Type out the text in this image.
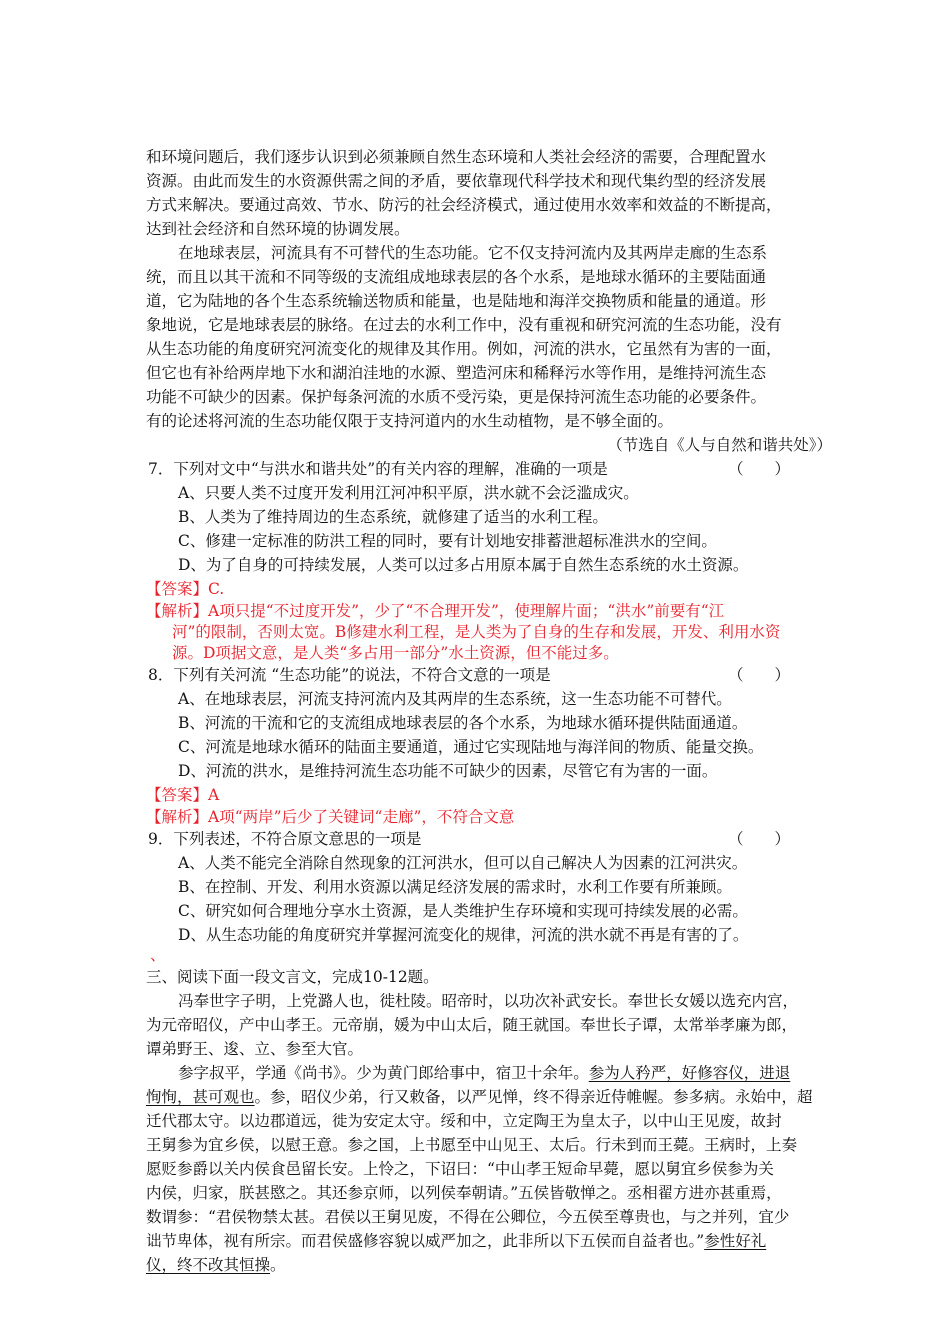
和环境问题后，我们逐步认识到必须兼顾自然生态环境和人类社会经济的需要，合理配置水
资源。由此而发生的水资源供需之间的矛盾，要依靠现代科学技术和现代集约型的经济发展
方式来解决。要通过高效、节水、防污的社会经济模式，通过使用水效率和效益的不断提高，
达到社会经济和自然环境的协调发展。
在地球表层，河流具有不可替代的生态功能。它不仅支持河流内及其两岸走廊的生态系
统，而且以其干流和不同等级的支流组成地球表层的各个水系，是地球水循环的主要陆面通
道，它为陆地的各个生态系统输送物质和能量，也是陆地和海洋交换物质和能量的通道。形
象地说，它是地球表层的脉络。在过去的水利工作中，没有重视和研究河流的生态功能，没有
从生态功能的角度研究河流变化的规律及其作用。例如，河流的洪水，它虽然有为害的一面，
但它也有补给两岸地下水和湖泊洼地的水源、塑造河床和稀释污水等作用，是维持河流生态
功能不可缺少的因素。保护每条河流的水质不受污染，更是保持河流生态功能的必要条件。
有的论述将河流的生态功能仅限于支持河道内的水生动植物，是不够全面的。
（节选自《人与自然和谐共处》）
7．下列对文中“与洪水和谐共处”的有关内容的理解，准确的一项是	（　　）
A、只要人类不过度开发利用江河冲积平原，洪水就不会泛滥成灾。
B、人类为了维持周边的生态系统，就修建了适当的水利工程。
C、修建一定标准的防洪工程的同时，要有计划地安排蓄泄超标准洪水的空间。
D、为了自身的可持续发展，人类可以过多占用原本属于自然生态系统的水土资源。
【答案】C.
【解析】A项只提“不过度开发”，少了“不合理开发”，使理解片面；“洪水”前要有“江
河”的限制，否则太宽。B修建水利工程，是人类为了自身的生存和发展，开发、利用水资
源。D项据文意，是人类“多占用一部分”水土资源，但不能过多。
8．下列有关河流 “生态功能”的说法，不符合文意的一项是	（　　）
A、在地球表层，河流支持河流内及其两岸的生态系统，这一生态功能不可替代。
B、河流的干流和它的支流组成地球表层的各个水系，为地球水循环提供陆面通道。
C、河流是地球水循环的陆面主要通道，通过它实现陆地与海洋间的物质、能量交换。
D、河流的洪水，是维持河流生态功能不可缺少的因素，尽管它有为害的一面。
【答案】A
【解析】A项“两岸”后少了关键词“走廊”，不符合文意
9．下列表述，不符合原文意思的一项是	（　　）
A、人类不能完全消除自然现象的江河洪水，但可以自己解决人为因素的江河洪灾。
B、在控制、开发、利用水资源以满足经济发展的需求时，水利工作要有所兼顾。
C、研究如何合理地分享水土资源，是人类维护生存环境和实现可持续发展的必需。
D、从生态功能的角度研究并掌握河流变化的规律，河流的洪水就不再是有害的了。
、
三、阅读下面一段文言文，完成10-12题。
冯奉世字子明，上党潞人也，徙杜陵。昭帝时，以功次补武安长。奉世长女媛以选充内宫，
为元帝昭仪，产中山孝王。元帝崩，媛为中山太后，随王就国。奉世长子谭，太常举孝廉为郎，
谭弟野王、逡、立、参至大官。
参字叔平，学通《尚书》。少为黄门郎给事中，宿卫十余年。参为人矜严，好修容仪，进退
恂恂，甚可观也。参，昭仪少弟，行又敕备，以严见惮，终不得亲近侍帷幄。参多病。永始中，超
迁代郡太守。以边郡道远，徙为安定太守。绥和中，立定陶王为皇太子，以中山王见废，故封
王舅参为宜乡侯，以慰王意。参之国，上书愿至中山见王、太后。行未到而王薨。王病时，上奏
愿贬参爵以关内侯食邑留长安。上怜之，下诏曰：“中山孝王短命早薨，愿以舅宜乡侯参为关
内侯，归家，朕甚愍之。其还参京师，以列侯奉朝请。”五侯皆敬惮之。丞相翟方进亦甚重焉，
数谓参：“君侯物禁太甚。君侯以王舅见废，不得在公卿位，今五侯至尊贵也，与之并列，宜少
诎节卑体，视有所宗。而君侯盛修容貌以威严加之，此非所以下五侯而自益者也。”参性好礼
仪，终不改其恒操。
